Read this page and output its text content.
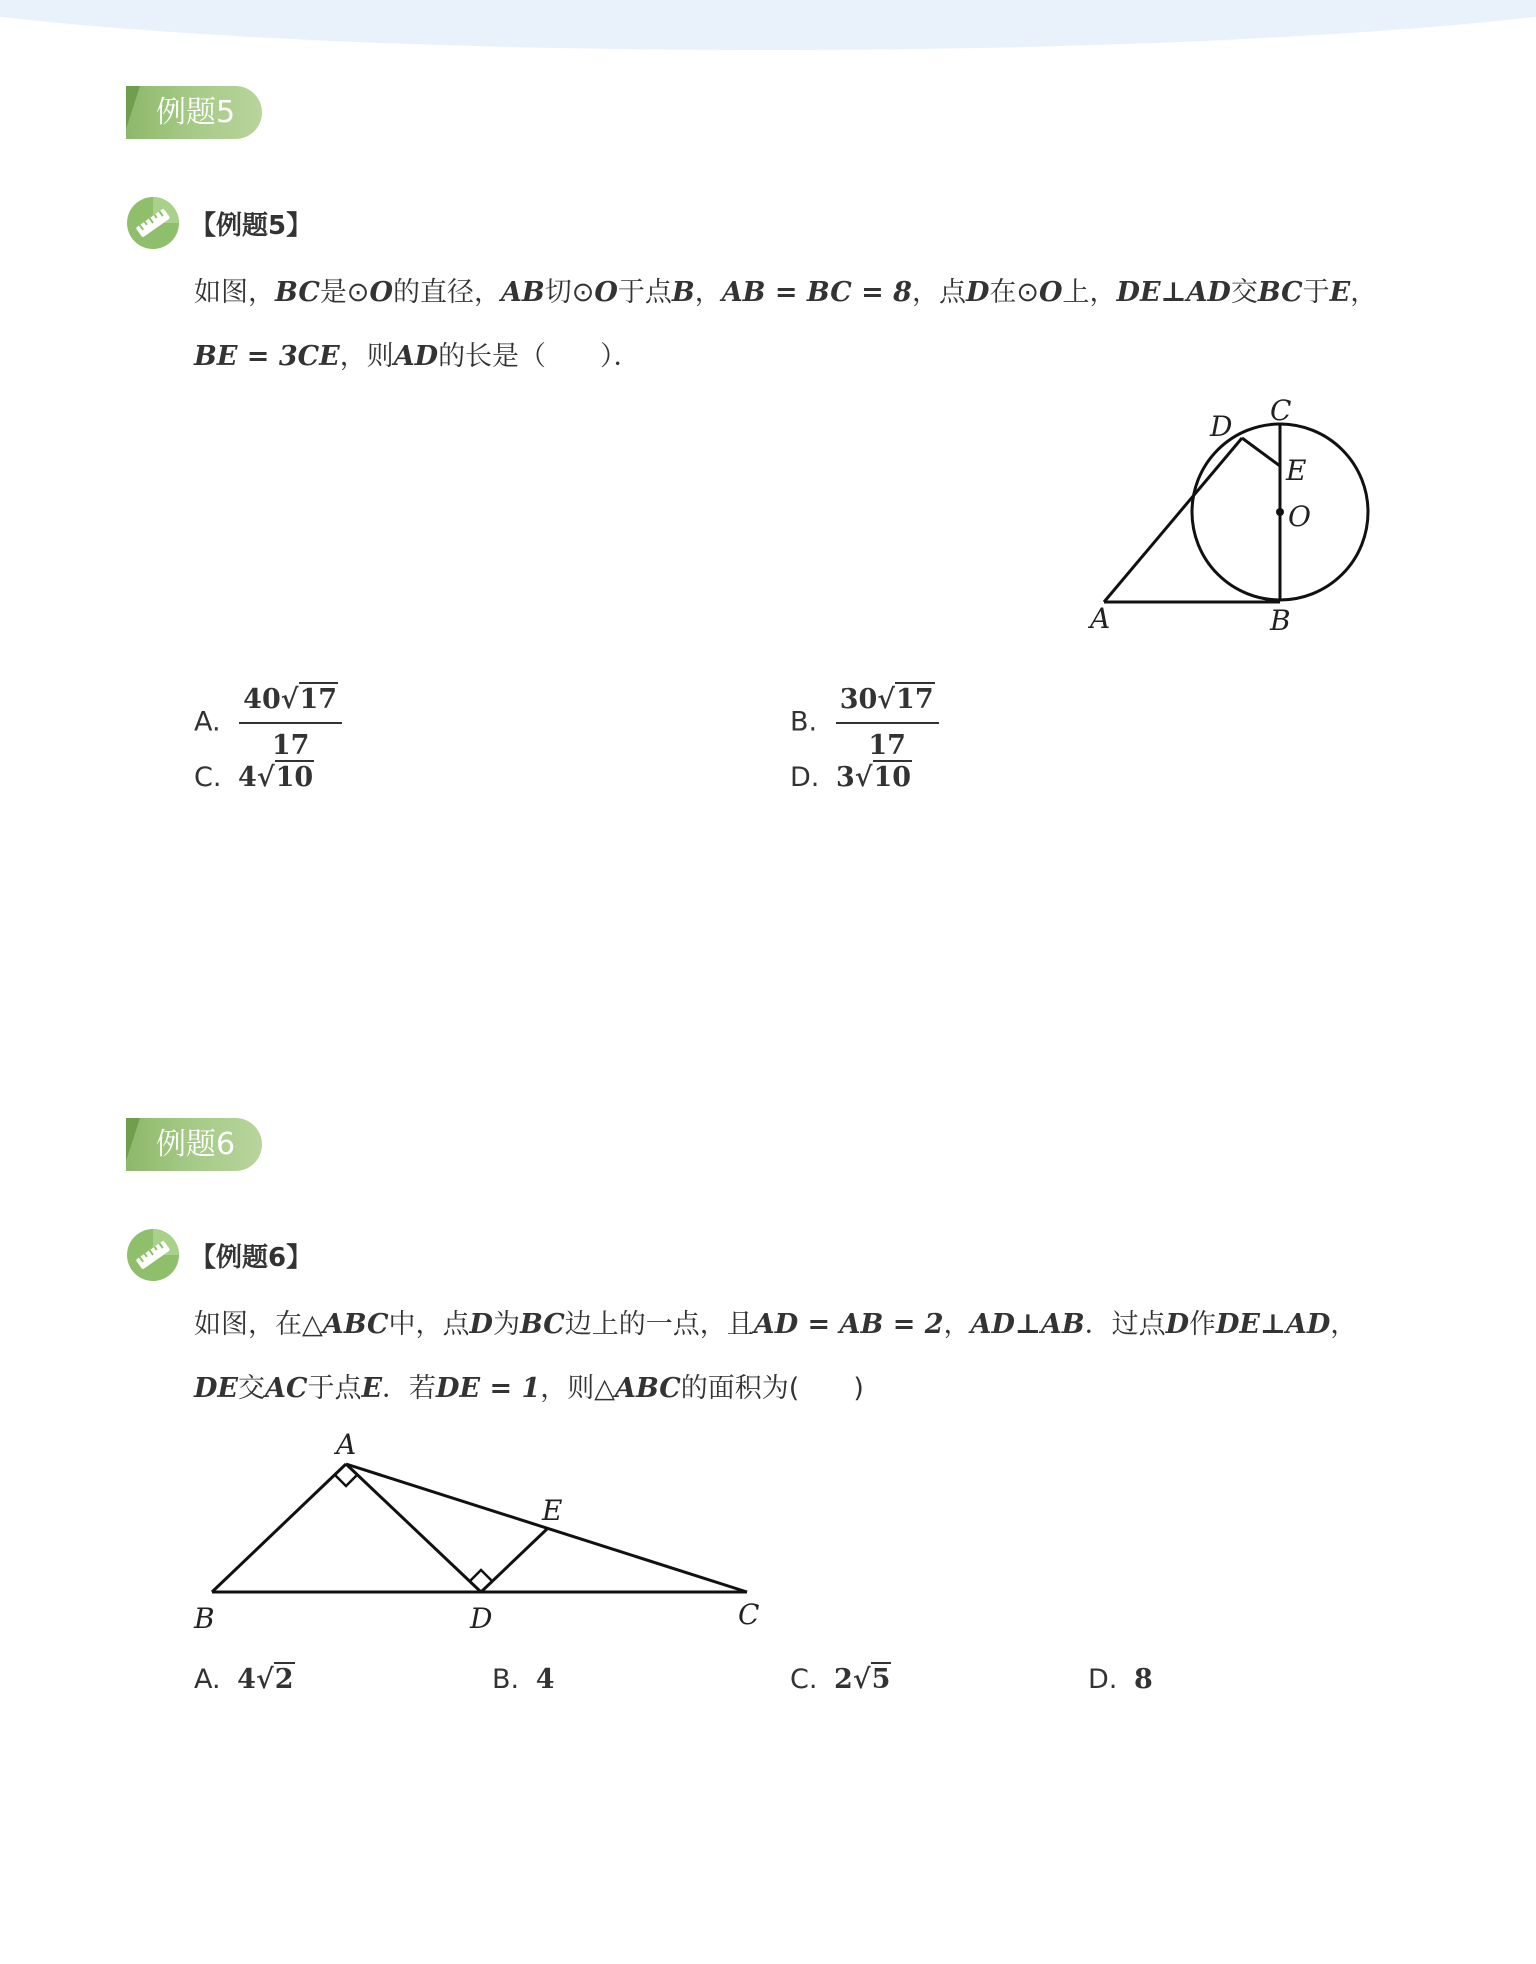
例题5
【例题5】
如图，BC是⊙O的直径，AB切⊙O于点B，AB = BC = 8，点D在⊙O上，DE⊥AD交BC于E，
BE = 3CE，则AD的长是（　　）．
D C
E
O
A	B
A. $\frac{40√17}{17}$	B. $\frac{30√17}{17}$
C. 4√10	D. 3√10
例题6
【例题6】
如图，在△ABC中，点D为BC边上的一点，且AD = AB = 2，AD⊥AB．过点D作DE⊥AD，
DE交AC于点E．若DE = 1，则△ABC的面积为(　　)
A
E
B	D	C
A. 4√2	B. 4	C. 2√5	D. 8
